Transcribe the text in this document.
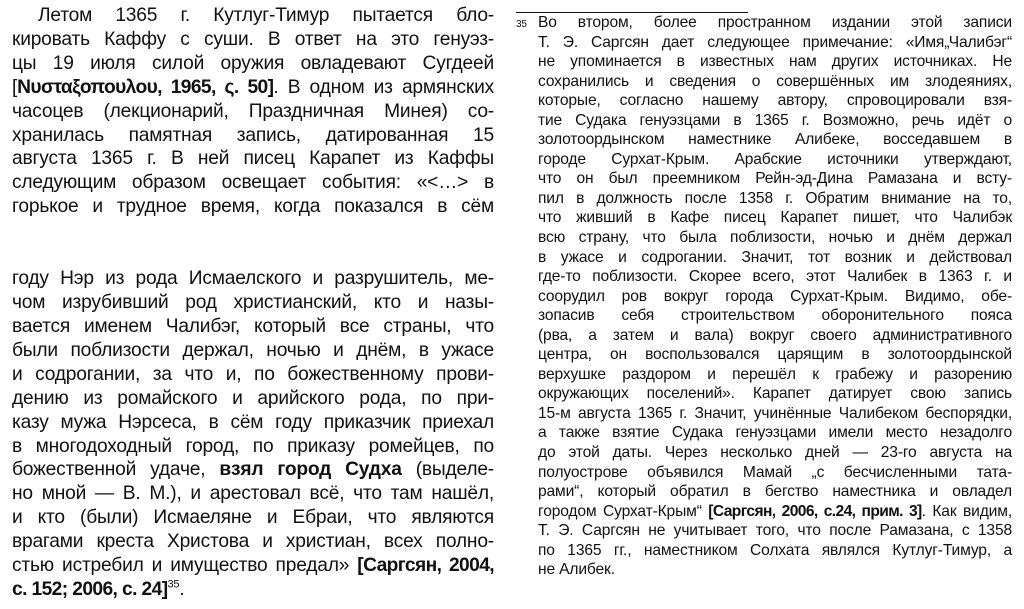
Летом 1365 г. Кутлуг-Тимур пытается бло-
кировать Каффу с суши. В ответ на это генуэз-
цы 19 июля силой оружия овладевают Сугдеей
[Νυσταξοπουλου, 1965, ς. 50]. В одном из армянских
часоцев (лекционарий, Праздничная Минея) со-
хранилась памятная запись, датированная 15
августа 1365 г. В ней писец Карапет из Каффы
следующим образом освещает события: «<…> в
горькое и трудное время, когда показался в сём
году Нэр из рода Исмаелского и разрушитель, ме-
чом изрубивший род христианский, кто и назы-
вается именем Чалибэг, который все страны, что
были поблизости держал, ночью и днём, в ужасе
и содрогании, за что и, по божественному прови-
дению из ромайского и арийского рода, по при-
казу мужа Нэрсеса, в сём году приказчик приехал
в многодоходный город, по приказу ромейцев, по
божественной удаче, взял город Судха (выделе-
но мной — В. М.), и арестовал всё, что там нашёл,
и кто (были) Исмаеляне и Ебраи, что являются
врагами креста Христова и христиан, всех полно-
стью истребил и имущество предал» [Саргсян, 2004,
с. 152; 2006, с. 24]$^{35}$.
35 Во втором, более пространном издании этой записи
Т. Э. Саргсян дает следующее примечание: «Имя„Чалибэг“
не упоминается в известных нам других источниках. Не
сохранились и сведения о совершённых им злодеяниях,
которые, согласно нашему автору, спровоцировали взя-
тие Судака генуэзцами в 1365 г. Возможно, речь идёт о
золотоордынском наместнике Алибеке, восседавшем в
городе Сурхат-Крым. Арабские источники утверждают,
что он был преемником Рейн-эд-Дина Рамазана и всту-
пил в должность после 1358 г. Обратим внимание на то,
что живший в Кафе писец Карапет пишет, что Чалибэк
всю страну, что была поблизости, ночью и днём держал
в ужасе и содрогании. Значит, тот возник и действовал
где-то поблизости. Скорее всего, этот Чалибек в 1363 г. и
соорудил ров вокруг города Сурхат-Крым. Видимо, обе-
зопасив себя строительством оборонительного пояса
(рва, а затем и вала) вокруг своего административного
центра, он воспользовался царящим в золотоордынской
верхушке раздором и перешёл к грабежу и разорению
окружающих поселений». Карапет датирует свою запись
15-м августа 1365 г. Значит, учинённые Чалибеком беспорядки,
а также взятие Судака генуэзцами имели место незадолго
до этой даты. Через несколько дней — 23-го августа на
полуострове объявился Мамай „с бесчисленными тата-
рами“, который обратил в бегство наместника и овладел
городом Сурхат-Крым“ [Саргсян, 2006, с.24, прим. 3]. Как видим,
Т. Э. Саргсян не учитывает того, что после Рамазана, с 1358
по 1365 гг., наместником Солхата являлся Кутлуг-Тимур, а
не Алибек.
